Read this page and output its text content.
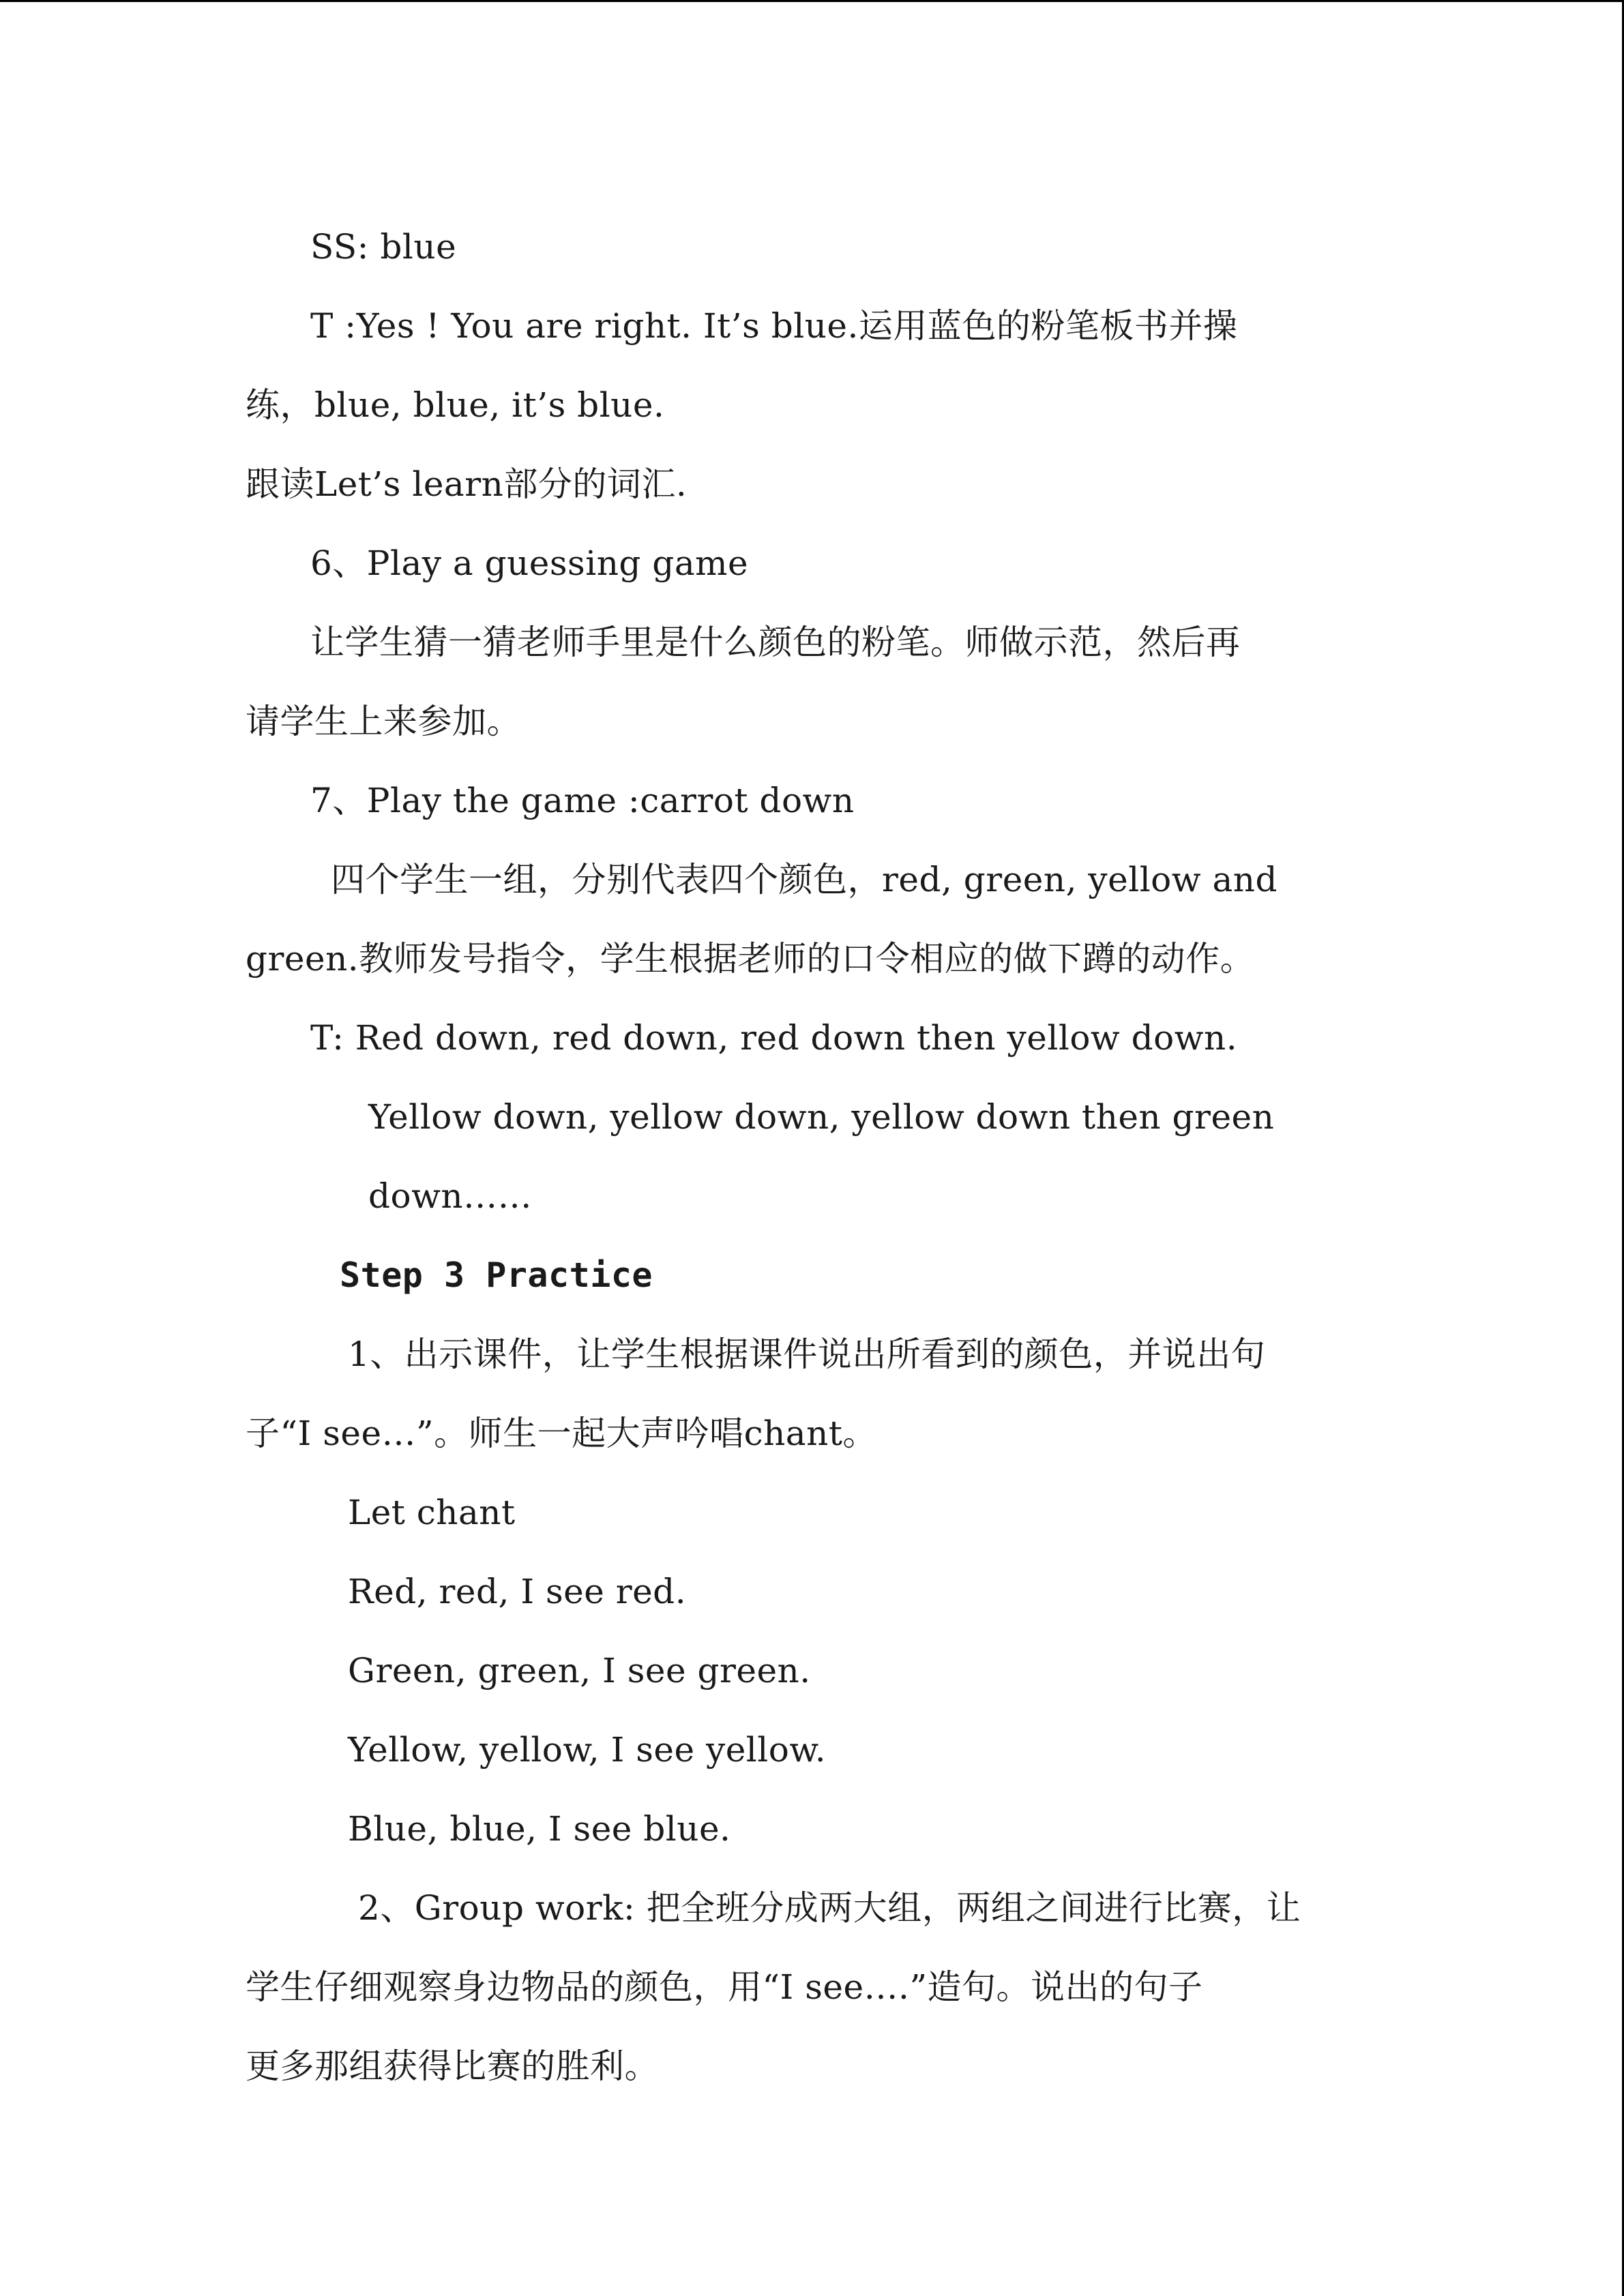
SS: blue
T :Yes ! You are right. It’s blue.运用蓝色的粉笔板书并操
练，blue, blue, it’s blue.
跟读Let’s learn部分的词汇.
6、Play a guessing game
让学生猜一猜老师手里是什么颜色的粉笔。师做示范，然后再
请学生上来参加。
7、Play the game :carrot down
四个学生一组，分别代表四个颜色，red, green, yellow and
green.教师发号指令，学生根据老师的口令相应的做下蹲的动作。
T: Red down, red down, red down then yellow down.
Yellow down, yellow down, yellow down then green
down……
Step 3 Practice
1、出示课件，让学生根据课件说出所看到的颜色，并说出句
子“I see…”。师生一起大声吟唱chant。
Let chant
Red, red, I see red.
Green, green, I see green.
Yellow, yellow, I see yellow.
Blue, blue, I see blue.
2、Group work: 把全班分成两大组，两组之间进行比赛，让
学生仔细观察身边物品的颜色，用“I see….”造句。说出的句子
更多那组获得比赛的胜利。
